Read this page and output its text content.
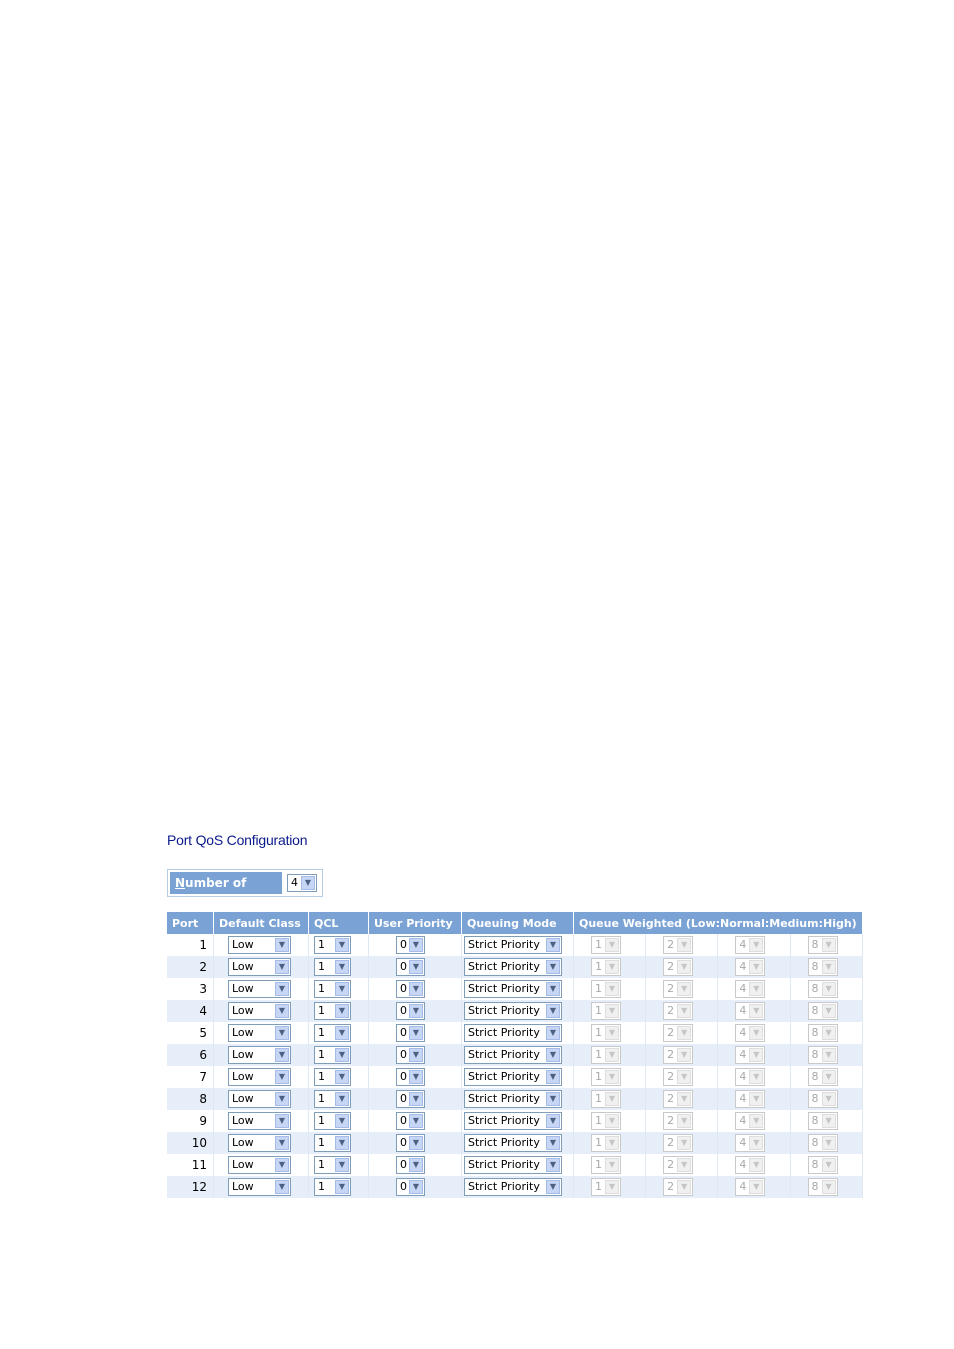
Port QoS Configuration
Number of Classes
4 ▼
Port	Default Class	QCL	User Priority	Queuing Mode	Queue Weighted (Low:Normal:Medium:High)			
1	Low ▼	1 ▼	0 ▼	Strict Priority ▼	1 ▼	2 ▼	4 ▼	8 ▼

2	Low ▼	1 ▼	0 ▼	Strict Priority ▼	1 ▼	2 ▼	4 ▼	8 ▼

3	Low ▼	1 ▼	0 ▼	Strict Priority ▼	1 ▼	2 ▼	4 ▼	8 ▼

4	Low ▼	1 ▼	0 ▼	Strict Priority ▼	1 ▼	2 ▼	4 ▼	8 ▼

5	Low ▼	1 ▼	0 ▼	Strict Priority ▼	1 ▼	2 ▼	4 ▼	8 ▼

6	Low ▼	1 ▼	0 ▼	Strict Priority ▼	1 ▼	2 ▼	4 ▼	8 ▼

7	Low ▼	1 ▼	0 ▼	Strict Priority ▼	1 ▼	2 ▼	4 ▼	8 ▼

8	Low ▼	1 ▼	0 ▼	Strict Priority ▼	1 ▼	2 ▼	4 ▼	8 ▼

9	Low ▼	1 ▼	0 ▼	Strict Priority ▼	1 ▼	2 ▼	4 ▼	8 ▼

10	Low ▼	1 ▼	0 ▼	Strict Priority ▼	1 ▼	2 ▼	4 ▼	8 ▼

11	Low ▼	1 ▼	0 ▼	Strict Priority ▼	1 ▼	2 ▼	4 ▼	8 ▼

12	Low ▼	1 ▼	0 ▼	Strict Priority ▼	1 ▼	2 ▼	4 ▼	8 ▼
